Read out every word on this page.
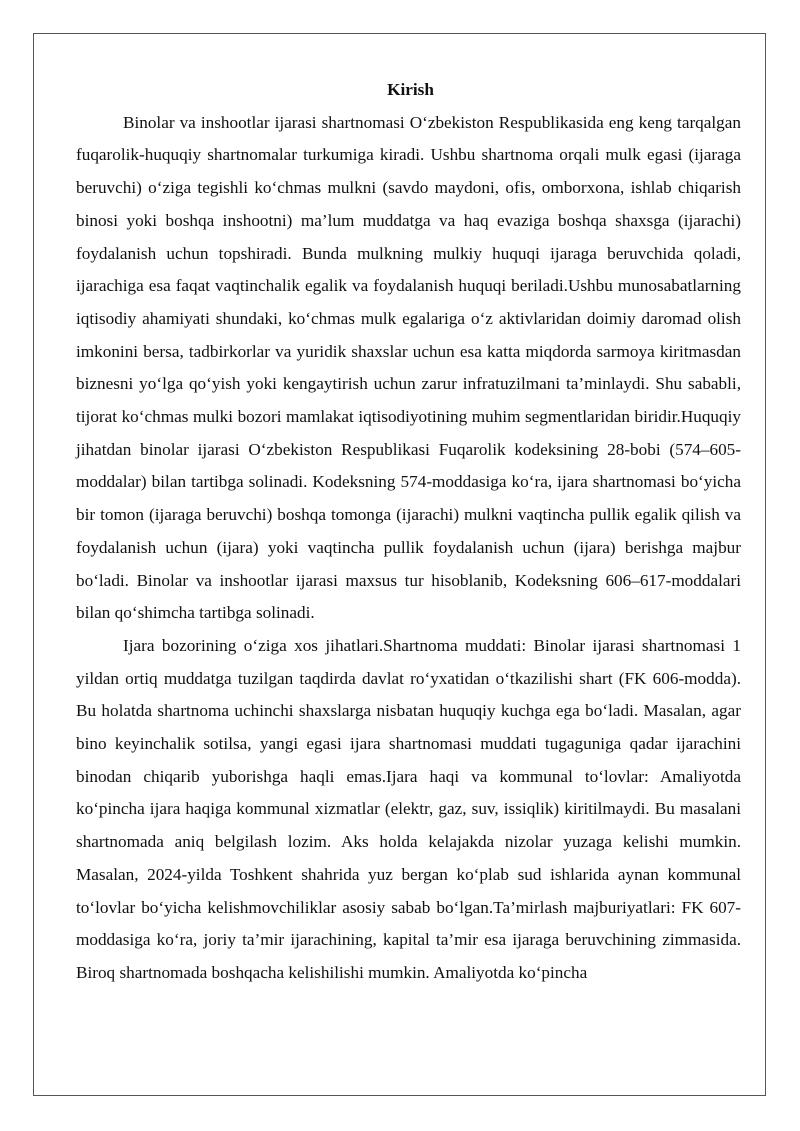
Kirish

Binolar va inshootlar ijarasi shartnomasi O‘zbekiston Respublikasida eng keng tarqalgan fuqarolik-huquqiy shartnomalar turkumiga kiradi. Ushbu shartnoma orqali mulk egasi (ijaraga beruvchi) o‘ziga tegishli ko‘chmas mulkni (savdo maydoni, ofis, omborxona, ishlab chiqarish binosi yoki boshqa inshootni) ma’lum muddatga va haq evaziga boshqa shaxsga (ijarachi) foydalanish uchun topshiradi. Bunda mulkning mulkiy huquqi ijaraga beruvchida qoladi, ijarachiga esa faqat vaqtinchalik egalik va foydalanish huquqi beriladi.Ushbu munosabatlarning iqtisodiy ahamiyati shundaki, ko‘chmas mulk egalariga o‘z aktivlaridan doimiy daromad olish imkonini bersa, tadbirkorlar va yuridik shaxslar uchun esa katta miqdorda sarmoya kiritmasdan biznesni yo‘lga qo‘yish yoki kengaytirish uchun zarur infratuzilmani ta’minlaydi. Shu sababli, tijorat ko‘chmas mulki bozori mamlakat iqtisodiyotining muhim segmentlaridan biridir.Huquqiy jihatdan binolar ijarasi O‘zbekiston Respublikasi Fuqarolik kodeksining 28-bobi (574–605-moddalar) bilan tartibga solinadi. Kodeksning 574-moddasiga ko‘ra, ijara shartnomasi bo‘yicha bir tomon (ijaraga beruvchi) boshqa tomonga (ijarachi) mulkni vaqtincha pullik egalik qilish va foydalanish uchun (ijara) yoki vaqtincha pullik foydalanish uchun (ijara) berishga majbur bo‘ladi. Binolar va inshootlar ijarasi maxsus tur hisoblanib, Kodeksning 606–617-moddalari bilan qo‘shimcha tartibga solinadi.

Ijara bozorining o‘ziga xos jihatlari.Shartnoma muddati: Binolar ijarasi shartnomasi 1 yildan ortiq muddatga tuzilgan taqdirda davlat ro‘yxatidan o‘tkazilishi shart (FK 606-modda). Bu holatda shartnoma uchinchi shaxslarga nisbatan huquqiy kuchga ega bo‘ladi. Masalan, agar bino keyinchalik sotilsa, yangi egasi ijara shartnomasi muddati tugaguniga qadar ijarachini binodan chiqarib yuborishga haqli emas.Ijara haqi va kommunal to‘lovlar: Amaliyotda ko‘pincha ijara haqiga kommunal xizmatlar (elektr, gaz, suv, issiqlik) kiritilmaydi. Bu masalani shartnomada aniq belgilash lozim. Aks holda kelajakda nizolar yuzaga kelishi mumkin. Masalan, 2024-yilda Toshkent shahrida yuz bergan ko‘plab sud ishlarida aynan kommunal to‘lovlar bo‘yicha kelishmovchiliklar asosiy sabab bo‘lgan.Ta’mirlash majburiyatlari: FK 607-moddasiga ko‘ra, joriy ta’mir ijarachining, kapital ta’mir esa ijaraga beruvchining zimmasida. Biroq shartnomada boshqacha kelishilishi mumkin. Amaliyotda ko‘pincha
